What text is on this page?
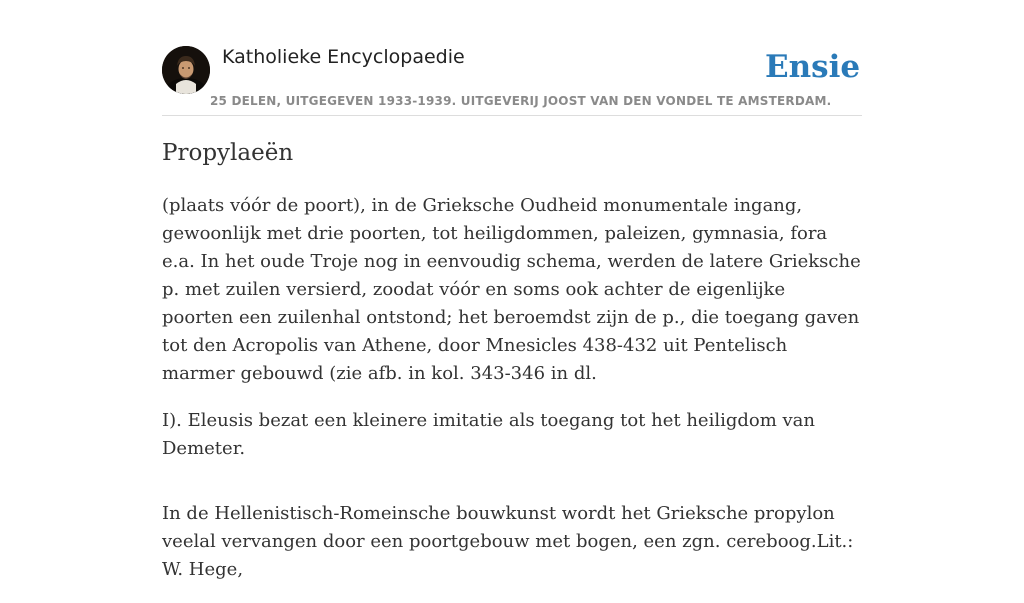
Katholieke Encyclopaedie	Ensie

25 DELEN, UITGEGEVEN 1933-1939. UITGEVERIJ JOOST VAN DEN VONDEL TE AMSTERDAM.

Propylaeën

(plaats vóór de poort), in de Grieksche Oudheid monumentale ingang, gewoonlijk met drie poorten, tot heiligdommen, paleizen, gymnasia, fora e.a. In het oude Troje nog in eenvoudig schema, werden de latere Grieksche p. met zuilen versierd, zoodat vóór en soms ook achter de eigenlijke poorten een zuilenhal ontstond; het beroemdst zijn de p., die toegang gaven tot den Acropolis van Athene, door Mnesicles 438-432 uit Pentelisch marmer gebouwd (zie afb. in kol. 343-346 in dl.

I). Eleusis bezat een kleinere imitatie als toegang tot het heiligdom van Demeter.

In de Hellenistisch-Romeinsche bouwkunst wordt het Grieksche propylon veelal vervangen door een poortgebouw met bogen, een zgn. cereboog.Lit.: W. Hege,
